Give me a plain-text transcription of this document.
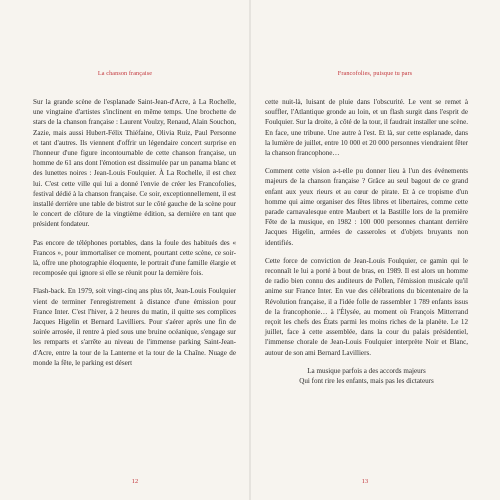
La chanson française

Sur la grande scène de l'esplanade Saint-Jean-d'Acre, à La Rochelle, une vingtaine d'artistes s'inclinent en même temps. Une brochette de stars de la chanson française : Laurent Voulzy, Renaud, Alain Souchon, Zazie, mais aussi Hubert-Félix Thiéfaine, Olivia Ruiz, Paul Personne et tant d'autres. Ils viennent d'offrir un légendaire concert surprise en l'honneur d'une figure incontournable de cette chanson française, un homme de 61 ans dont l'émotion est dissimulée par un panama blanc et des lunettes noires : Jean-Louis Foulquier. À La Rochelle, il est chez lui. C'est cette ville qui lui a donné l'envie de créer les Francofolies, festival dédié à la chanson française. Ce soir, exceptionnellement, il est installé derrière une table de bistrot sur le côté gauche de la scène pour le concert de clôture de la vingtième édition, sa dernière en tant que président fondateur.

Pas encore de téléphones portables, dans la foule des habitués des « Francos », pour immortaliser ce moment, pourtant cette scène, ce soir-là, offre une photographie éloquente, le portrait d'une famille élargie et recomposée qui ignore si elle se réunit pour la dernière fois.

Flash-back. En 1979, soit vingt-cinq ans plus tôt, Jean-Louis Foulquier vient de terminer l'enregistrement à distance d'une émission pour France Inter. C'est l'hiver, à 2 heures du matin, il quitte ses complices Jacques Higelin et Bernard Lavilliers. Pour s'aérer après une fin de soirée arrosée, il rentre à pied sous une bruine océanique, s'engage sur les remparts et s'arrête au niveau de l'immense parking Saint-Jean-d'Acre, entre la tour de la Lanterne et la tour de la Chaîne. Nuage de monde la fête, le parking est désert

12
Francofolies, puisque tu pars

cette nuit-là, luisant de pluie dans l'obscurité. Le vent se remet à souffler, l'Atlantique gronde au loin, et un flash surgit dans l'esprit de Foulquier. Sur la droite, à côté de la tour, il faudrait installer une scène. En face, une tribune. Une autre à l'est. Et là, sur cette esplanade, dans la lumière de juillet, entre 10 000 et 20 000 personnes viendraient fêter la chanson francophone…

Comment cette vision a-t-elle pu donner lieu à l'un des événements majeurs de la chanson française ? Grâce au seul bagout de ce grand enfant aux yeux rieurs et au cœur de pirate. Et à ce tropisme d'un homme qui aime organiser des fêtes libres et libertaires, comme cette parade carnavalesque entre Maubert et la Bastille lors de la première Fête de la musique, en 1982 : 100 000 personnes chantant derrière Jacques Higelin, armées de casseroles et d'objets bruyants non identifiés.

Cette force de conviction de Jean-Louis Foulquier, ce gamin qui le reconnaît le lui a porté à bout de bras, en 1989. Il est alors un homme de radio bien connu des auditeurs de Pollen, l'émission musicale qu'il anime sur France Inter. En vue des célébrations du bicentenaire de la Révolution française, il a l'idée folle de rassembler 1 789 enfants issus de la francophonie… à l'Élysée, au moment où François Mitterrand reçoit les chefs des États parmi les moins riches de la planète. Le 12 juillet, face à cette assemblée, dans la cour du palais présidentiel, l'immense chorale de Jean-Louis Foulquier interprète Noir et Blanc, autour de son ami Bernard Lavilliers.

La musique parfois a des accords majeurs
Qui font rire les enfants, mais pas les dictateurs
13
